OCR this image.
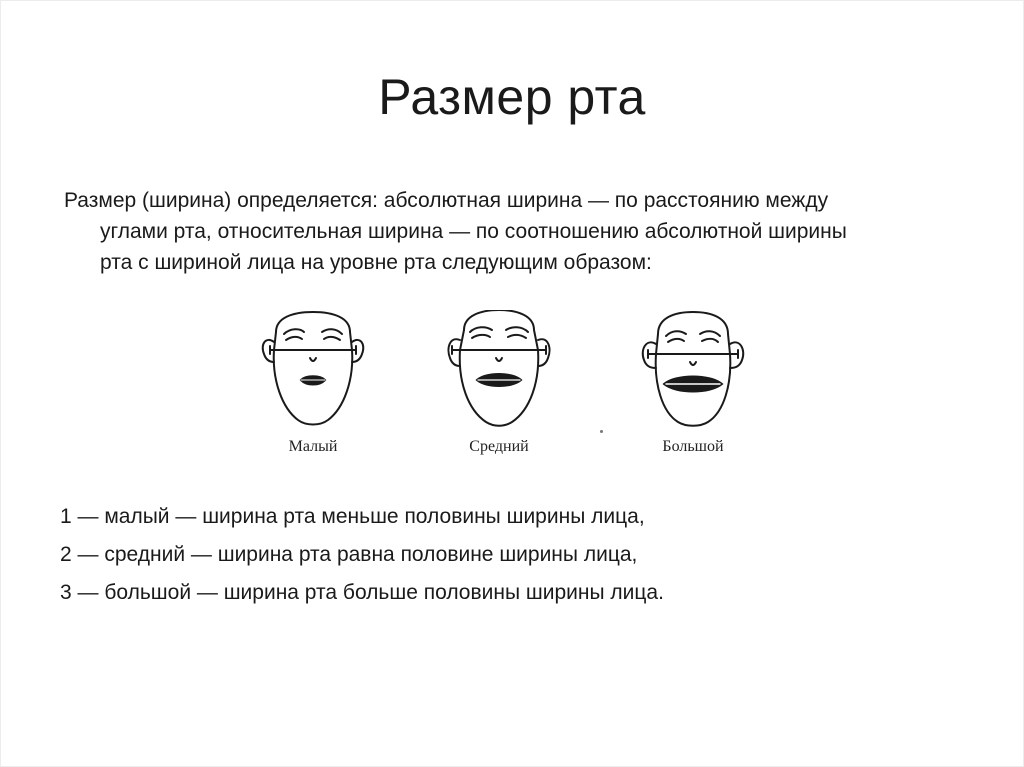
Размер рта
Размер (ширина) определяется: абсолютная ширина — по расстоянию между
углами рта, относительная ширина — по соотношению абсолютной ширины
рта с шириной лица на уровне рта следующим образом:
Малый	Средний	Большой
1 — малый — ширина рта меньше половины ширины лица,
2 — средний — ширина рта равна половине ширины лица,
3 — большой — ширина рта больше половины ширины лица.
